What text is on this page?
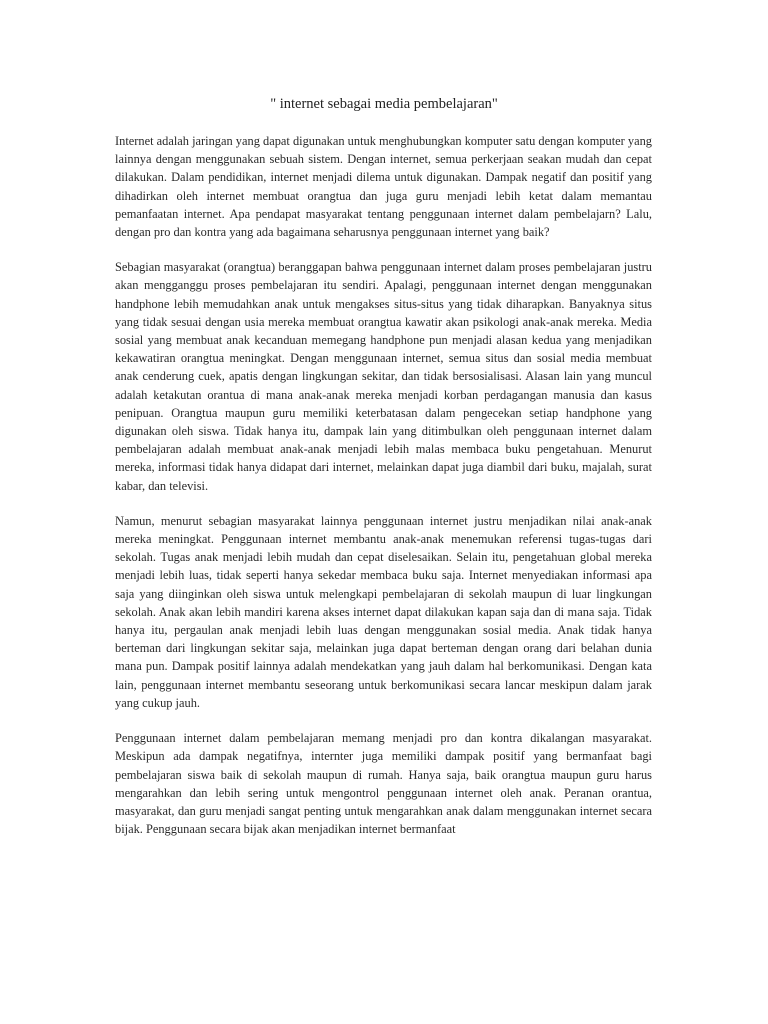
" internet sebagai media pembelajaran"

Internet adalah jaringan yang dapat digunakan untuk menghubungkan komputer satu dengan komputer yang lainnya dengan menggunakan sebuah sistem. Dengan internet, semua perkerjaan seakan mudah dan cepat dilakukan. Dalam pendidikan, internet menjadi dilema untuk digunakan. Dampak negatif dan positif yang dihadirkan oleh internet membuat orangtua dan juga guru menjadi lebih ketat dalam memantau pemanfaatan internet. Apa pendapat masyarakat tentang penggunaan internet dalam pembelajarn? Lalu, dengan pro dan kontra yang ada bagaimana seharusnya penggunaan internet yang baik?

Sebagian masyarakat (orangtua) beranggapan bahwa penggunaan internet dalam proses pembelajaran justru akan mengganggu proses pembelajaran itu sendiri. Apalagi, penggunaan internet dengan menggunakan handphone lebih memudahkan anak untuk mengakses situs-situs yang tidak diharapkan. Banyaknya situs yang tidak sesuai dengan usia mereka membuat orangtua kawatir akan psikologi anak-anak mereka. Media sosial yang membuat anak kecanduan memegang handphone pun menjadi alasan kedua yang menjadikan kekawatiran orangtua meningkat. Dengan menggunaan internet, semua situs dan sosial media membuat anak cenderung cuek, apatis dengan lingkungan sekitar, dan tidak bersosialisasi. Alasan lain yang muncul adalah ketakutan orantua di mana anak-anak mereka menjadi korban perdagangan manusia dan kasus penipuan. Orangtua maupun guru memiliki keterbatasan dalam pengecekan setiap handphone yang digunakan oleh siswa. Tidak hanya itu, dampak lain yang ditimbulkan oleh penggunaan internet dalam pembelajaran adalah membuat anak-anak menjadi lebih malas membaca buku pengetahuan. Menurut mereka, informasi tidak hanya didapat dari internet, melainkan dapat juga diambil dari buku, majalah, surat kabar, dan televisi.

Namun, menurut sebagian masyarakat lainnya penggunaan internet justru menjadikan nilai anak-anak mereka meningkat. Penggunaan internet membantu anak-anak menemukan referensi tugas-tugas dari sekolah. Tugas anak menjadi lebih mudah dan cepat diselesaikan. Selain itu, pengetahuan global mereka menjadi lebih luas, tidak seperti hanya sekedar membaca buku saja. Internet menyediakan informasi apa saja yang diinginkan oleh siswa untuk melengkapi pembelajaran di sekolah maupun di luar lingkungan sekolah. Anak akan lebih mandiri karena akses internet dapat dilakukan kapan saja dan di mana saja. Tidak hanya itu, pergaulan anak menjadi lebih luas dengan menggunakan sosial media. Anak tidak hanya berteman dari lingkungan sekitar saja, melainkan juga dapat berteman dengan orang dari belahan dunia mana pun. Dampak positif lainnya adalah mendekatkan yang jauh dalam hal berkomunikasi. Dengan kata lain, penggunaan internet membantu seseorang untuk berkomunikasi secara lancar meskipun dalam jarak yang cukup jauh.

Penggunaan internet dalam pembelajaran memang menjadi pro dan kontra dikalangan masyarakat. Meskipun ada dampak negatifnya, internter juga memiliki dampak positif yang bermanfaat bagi pembelajaran siswa baik di sekolah maupun di rumah. Hanya saja, baik orangtua maupun guru harus mengarahkan dan lebih sering untuk mengontrol penggunaan internet oleh anak. Peranan orantua, masyarakat, dan guru menjadi sangat penting untuk mengarahkan anak dalam menggunakan internet secara bijak. Penggunaan secara bijak akan menjadikan internet bermanfaat
